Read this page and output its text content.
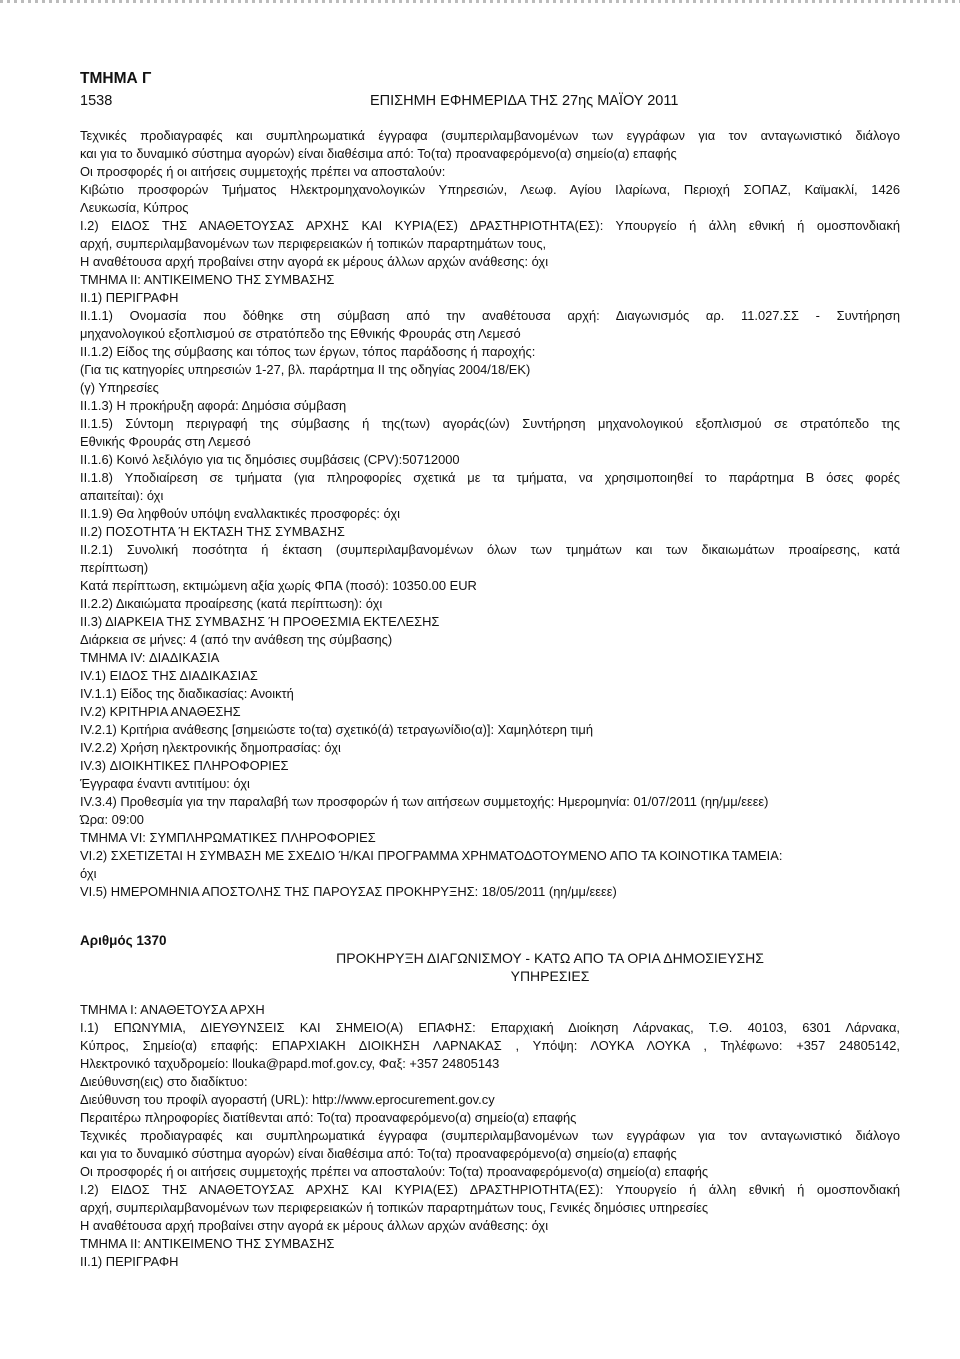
ΤΜΗΜΑ Γ
1538	ΕΠΙΣΗΜΗ ΕΦΗΜΕΡΙΔΑ ΤΗΣ 27ης ΜΑΪΟΥ 2011
Τεχνικές προδιαγραφές και συμπληρωματικά έγγραφα (συμπεριλαμβανομένων των εγγράφων για τον ανταγωνιστικό διάλογο
και για το δυναμικό σύστημα αγορών) είναι διαθέσιμα από: Το(τα) προαναφερόμενο(α) σημείο(α) επαφής
Οι προσφορές ή οι αιτήσεις συμμετοχής πρέπει να αποσταλούν:
Κιβώτιο προσφορών Τμήματος Ηλεκτρομηχανολογικών Υπηρεσιών, Λεωφ. Αγίου Ιλαρίωνα, Περιοχή ΣΟΠΑΖ, Καϊμακλί, 1426
Λευκωσία, Κύπρος
Ι.2) ΕΙΔΟΣ ΤΗΣ ΑΝΑΘΕΤΟΥΣΑΣ ΑΡΧΗΣ ΚΑΙ ΚΥΡΙΑ(ΕΣ) ΔΡΑΣΤΗΡΙΟΤΗΤΑ(ΕΣ): Υπουργείο ή άλλη εθνική ή ομοσπονδιακή
αρχή, συμπεριλαμβανομένων των περιφερειακών ή τοπικών παραρτημάτων τους,
Η αναθέτουσα αρχή προβαίνει στην αγορά εκ μέρους άλλων αρχών ανάθεσης: όχι
ΤΜΗΜΑ ΙΙ: ΑΝΤΙΚΕΙΜΕΝΟ ΤΗΣ ΣΥΜΒΑΣΗΣ
ΙΙ.1) ΠΕΡΙΓΡΑΦΗ
ΙΙ.1.1) Ονομασία που δόθηκε στη σύμβαση από την αναθέτουσα αρχή: Διαγωνισμός αρ. 11.027.ΣΣ - Συντήρηση
μηχανολογικού εξοπλισμού σε στρατόπεδο της Εθνικής Φρουράς στη Λεμεσό
ΙΙ.1.2) Είδος της σύμβασης και τόπος των έργων, τόπος παράδοσης ή παροχής:
(Για τις κατηγορίες υπηρεσιών 1-27, βλ. παράρτημα ΙΙ της οδηγίας 2004/18/ΕΚ)
(γ) Υπηρεσίες
ΙΙ.1.3) Η προκήρυξη αφορά: Δημόσια σύμβαση
ΙΙ.1.5) Σύντομη περιγραφή της σύμβασης ή της(των) αγοράς(ών) Συντήρηση μηχανολογικού εξοπλισμού σε στρατόπεδο της
Εθνικής Φρουράς στη Λεμεσό
ΙΙ.1.6) Κοινό λεξιλόγιο για τις δημόσιες συμβάσεις (CPV):50712000
ΙΙ.1.8) Υποδιαίρεση σε τμήματα (για πληροφορίες σχετικά με τα τμήματα, να χρησιμοποιηθεί το παράρτημα Β όσες φορές
απαιτείται): όχι
ΙΙ.1.9) Θα ληφθούν υπόψη εναλλακτικές προσφορές: όχι
ΙΙ.2) ΠΟΣΟΤΗΤΑ Ή ΕΚΤΑΣΗ ΤΗΣ ΣΥΜΒΑΣΗΣ
ΙΙ.2.1) Συνολική ποσότητα ή έκταση (συμπεριλαμβανομένων όλων των τμημάτων και των δικαιωμάτων προαίρεσης, κατά
περίπτωση)
Κατά περίπτωση, εκτιμώμενη αξία χωρίς ΦΠΑ (ποσό): 10350.00 EUR
ΙΙ.2.2) Δικαιώματα προαίρεσης (κατά περίπτωση): όχι
ΙΙ.3) ΔΙΑΡΚΕΙΑ ΤΗΣ ΣΥΜΒΑΣΗΣ Ή ΠΡΟΘΕΣΜΙΑ ΕΚΤΕΛΕΣΗΣ
Διάρκεια σε μήνες: 4 (από την ανάθεση της σύμβασης)
ΤΜΗΜΑ IV: ΔΙΑΔΙΚΑΣΙΑ
IV.1) ΕΙΔΟΣ ΤΗΣ ΔΙΑΔΙΚΑΣΙΑΣ
IV.1.1) Είδος της διαδικασίας: Ανοικτή
IV.2) ΚΡΙΤΗΡΙΑ ΑΝΑΘΕΣΗΣ
IV.2.1) Κριτήρια ανάθεσης [σημειώστε το(τα) σχετικό(ά) τετραγωνίδιο(α)]: Χαμηλότερη τιμή
IV.2.2) Χρήση ηλεκτρονικής δημοπρασίας: όχι
IV.3) ΔΙΟΙΚΗΤΙΚΕΣ ΠΛΗΡΟΦΟΡΙΕΣ
Έγγραφα έναντι αντιτίμου: όχι
IV.3.4) Προθεσμία για την παραλαβή των προσφορών ή των αιτήσεων συμμετοχής: Ημερομηνία: 01/07/2011 (ηη/μμ/εεεε)
Ώρα: 09:00
ΤΜΗΜΑ VI: ΣΥΜΠΛΗΡΩΜΑΤΙΚΕΣ ΠΛΗΡΟΦΟΡΙΕΣ
VI.2) ΣΧΕΤΙΖΕΤΑΙ Η ΣΥΜΒΑΣΗ ΜΕ ΣΧΕΔΙΟ Ή/ΚΑΙ ΠΡΟΓΡΑΜΜΑ ΧΡΗΜΑΤΟΔΟΤΟΥΜΕΝΟ ΑΠΟ ΤΑ ΚΟΙΝΟΤΙΚΑ ΤΑΜΕΙΑ:
όχι
VI.5) ΗΜΕΡΟΜΗΝΙΑ ΑΠΟΣΤΟΛΗΣ ΤΗΣ ΠΑΡΟΥΣΑΣ ΠΡΟΚΗΡΥΞΗΣ: 18/05/2011 (ηη/μμ/εεεε)
Αριθμός 1370
ΠΡΟΚΗΡΥΞΗ ΔΙΑΓΩΝΙΣΜΟΥ - ΚΑΤΩ ΑΠΟ ΤΑ ΟΡΙΑ ΔΗΜΟΣΙΕΥΣΗΣ
ΥΠΗΡΕΣΙΕΣ
ΤΜΗΜΑ Ι: ΑΝΑΘΕΤΟΥΣΑ ΑΡΧΗ
Ι.1) ΕΠΩΝΥΜΙΑ, ΔΙΕΥΘΥΝΣΕΙΣ ΚΑΙ ΣΗΜΕΙΟ(Α) ΕΠΑΦΗΣ: Επαρχιακή Διοίκηση Λάρνακας, Τ.Θ. 40103, 6301 Λάρνακα,
Κύπρος, Σημείο(α) επαφής: ΕΠΑΡΧΙΑΚΗ ΔΙΟΙΚΗΣΗ ΛΑΡΝΑΚΑΣ , Υπόψη: ΛΟΥΚΑ ΛΟΥΚΑ , Τηλέφωνο: +357 24805142,
Ηλεκτρονικό ταχυδρομείο: llouka@papd.mof.gov.cy, Φαξ: +357 24805143
Διεύθυνση(εις) στο διαδίκτυο:
Διεύθυνση του προφίλ αγοραστή (URL): http://www.eprocurement.gov.cy
Περαιτέρω πληροφορίες διατίθενται από: Το(τα) προαναφερόμενο(α) σημείο(α) επαφής
Τεχνικές προδιαγραφές και συμπληρωματικά έγγραφα (συμπεριλαμβανομένων των εγγράφων για τον ανταγωνιστικό διάλογο
και για το δυναμικό σύστημα αγορών) είναι διαθέσιμα από: Το(τα) προαναφερόμενο(α) σημείο(α) επαφής
Οι προσφορές ή οι αιτήσεις συμμετοχής πρέπει να αποσταλούν: Το(τα) προαναφερόμενο(α) σημείο(α) επαφής
Ι.2) ΕΙΔΟΣ ΤΗΣ ΑΝΑΘΕΤΟΥΣΑΣ ΑΡΧΗΣ ΚΑΙ ΚΥΡΙΑ(ΕΣ) ΔΡΑΣΤΗΡΙΟΤΗΤΑ(ΕΣ): Υπουργείο ή άλλη εθνική ή ομοσπονδιακή
αρχή, συμπεριλαμβανομένων των περιφερειακών ή τοπικών παραρτημάτων τους, Γενικές δημόσιες υπηρεσίες
Η αναθέτουσα αρχή προβαίνει στην αγορά εκ μέρους άλλων αρχών ανάθεσης: όχι
ΤΜΗΜΑ ΙΙ: ΑΝΤΙΚΕΙΜΕΝΟ ΤΗΣ ΣΥΜΒΑΣΗΣ
ΙΙ.1) ΠΕΡΙΓΡΑΦΗ
